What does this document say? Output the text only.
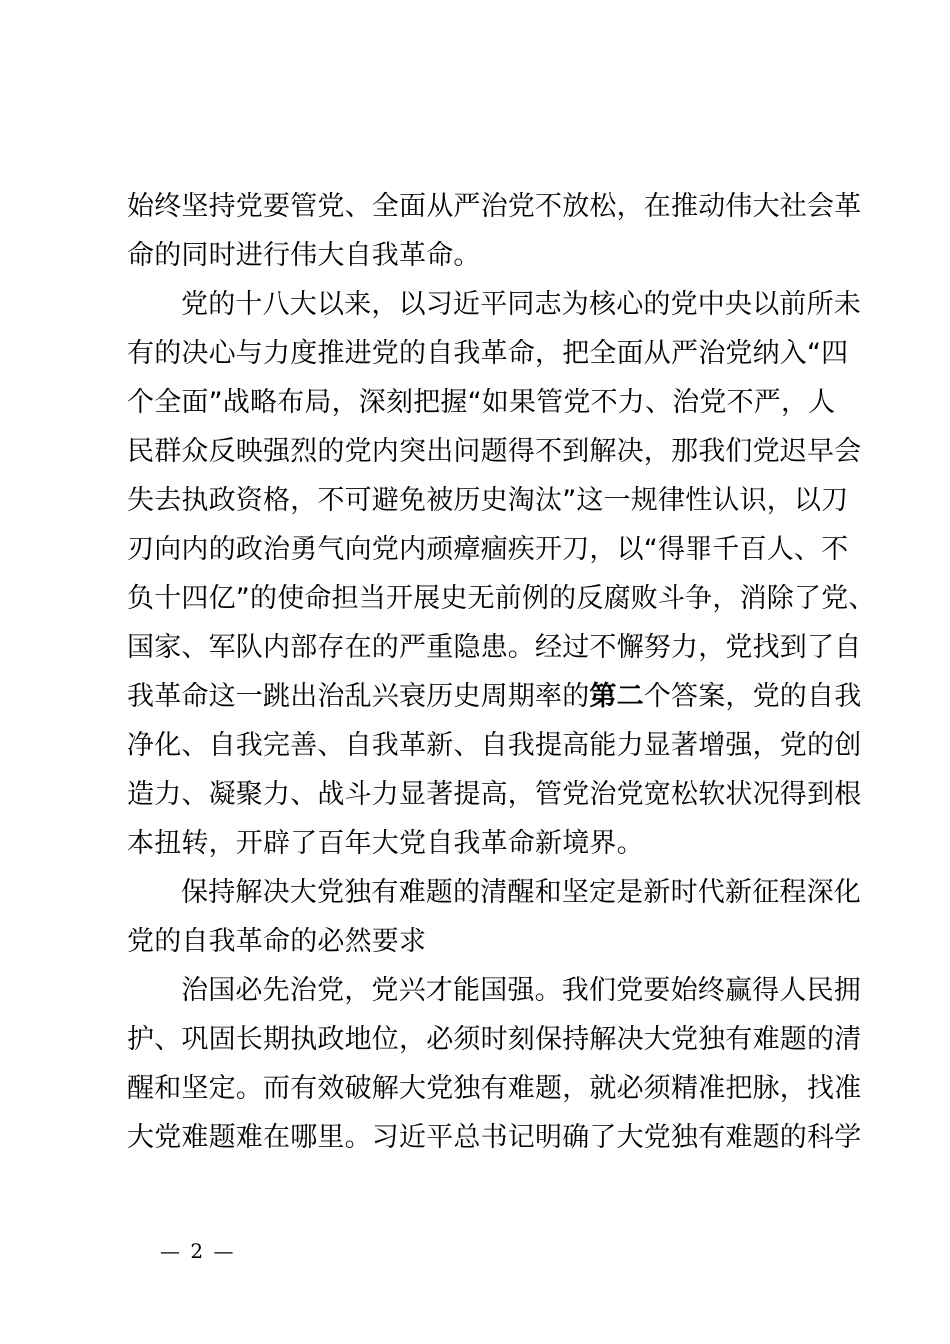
始终坚持党要管党、全面从严治党不放松，在推动伟大社会革
命的同时进行伟大自我革命。
党的十八大以来，以习近平同志为核心的党中央以前所未
有的决心与力度推进党的自我革命，把全面从严治党纳入“四
个全面”战略布局，深刻把握“如果管党不力、治党不严，人
民群众反映强烈的党内突出问题得不到解决，那我们党迟早会
失去执政资格，不可避免被历史淘汰”这一规律性认识，以刀
刃向内的政治勇气向党内顽瘴痼疾开刀，以“得罪千百人、不
负十四亿”的使命担当开展史无前例的反腐败斗争，消除了党、
国家、军队内部存在的严重隐患。经过不懈努力，党找到了自
我革命这一跳出治乱兴衰历史周期率的第二个答案，党的自我
净化、自我完善、自我革新、自我提高能力显著增强，党的创
造力、凝聚力、战斗力显著提高，管党治党宽松软状况得到根
本扭转，开辟了百年大党自我革命新境界。
保持解决大党独有难题的清醒和坚定是新时代新征程深化
党的自我革命的必然要求
治国必先治党，党兴才能国强。我们党要始终赢得人民拥
护、巩固长期执政地位，必须时刻保持解决大党独有难题的清
醒和坚定。而有效破解大党独有难题，就必须精准把脉，找准
大党难题难在哪里。习近平总书记明确了大党独有难题的科学
— 2 —
